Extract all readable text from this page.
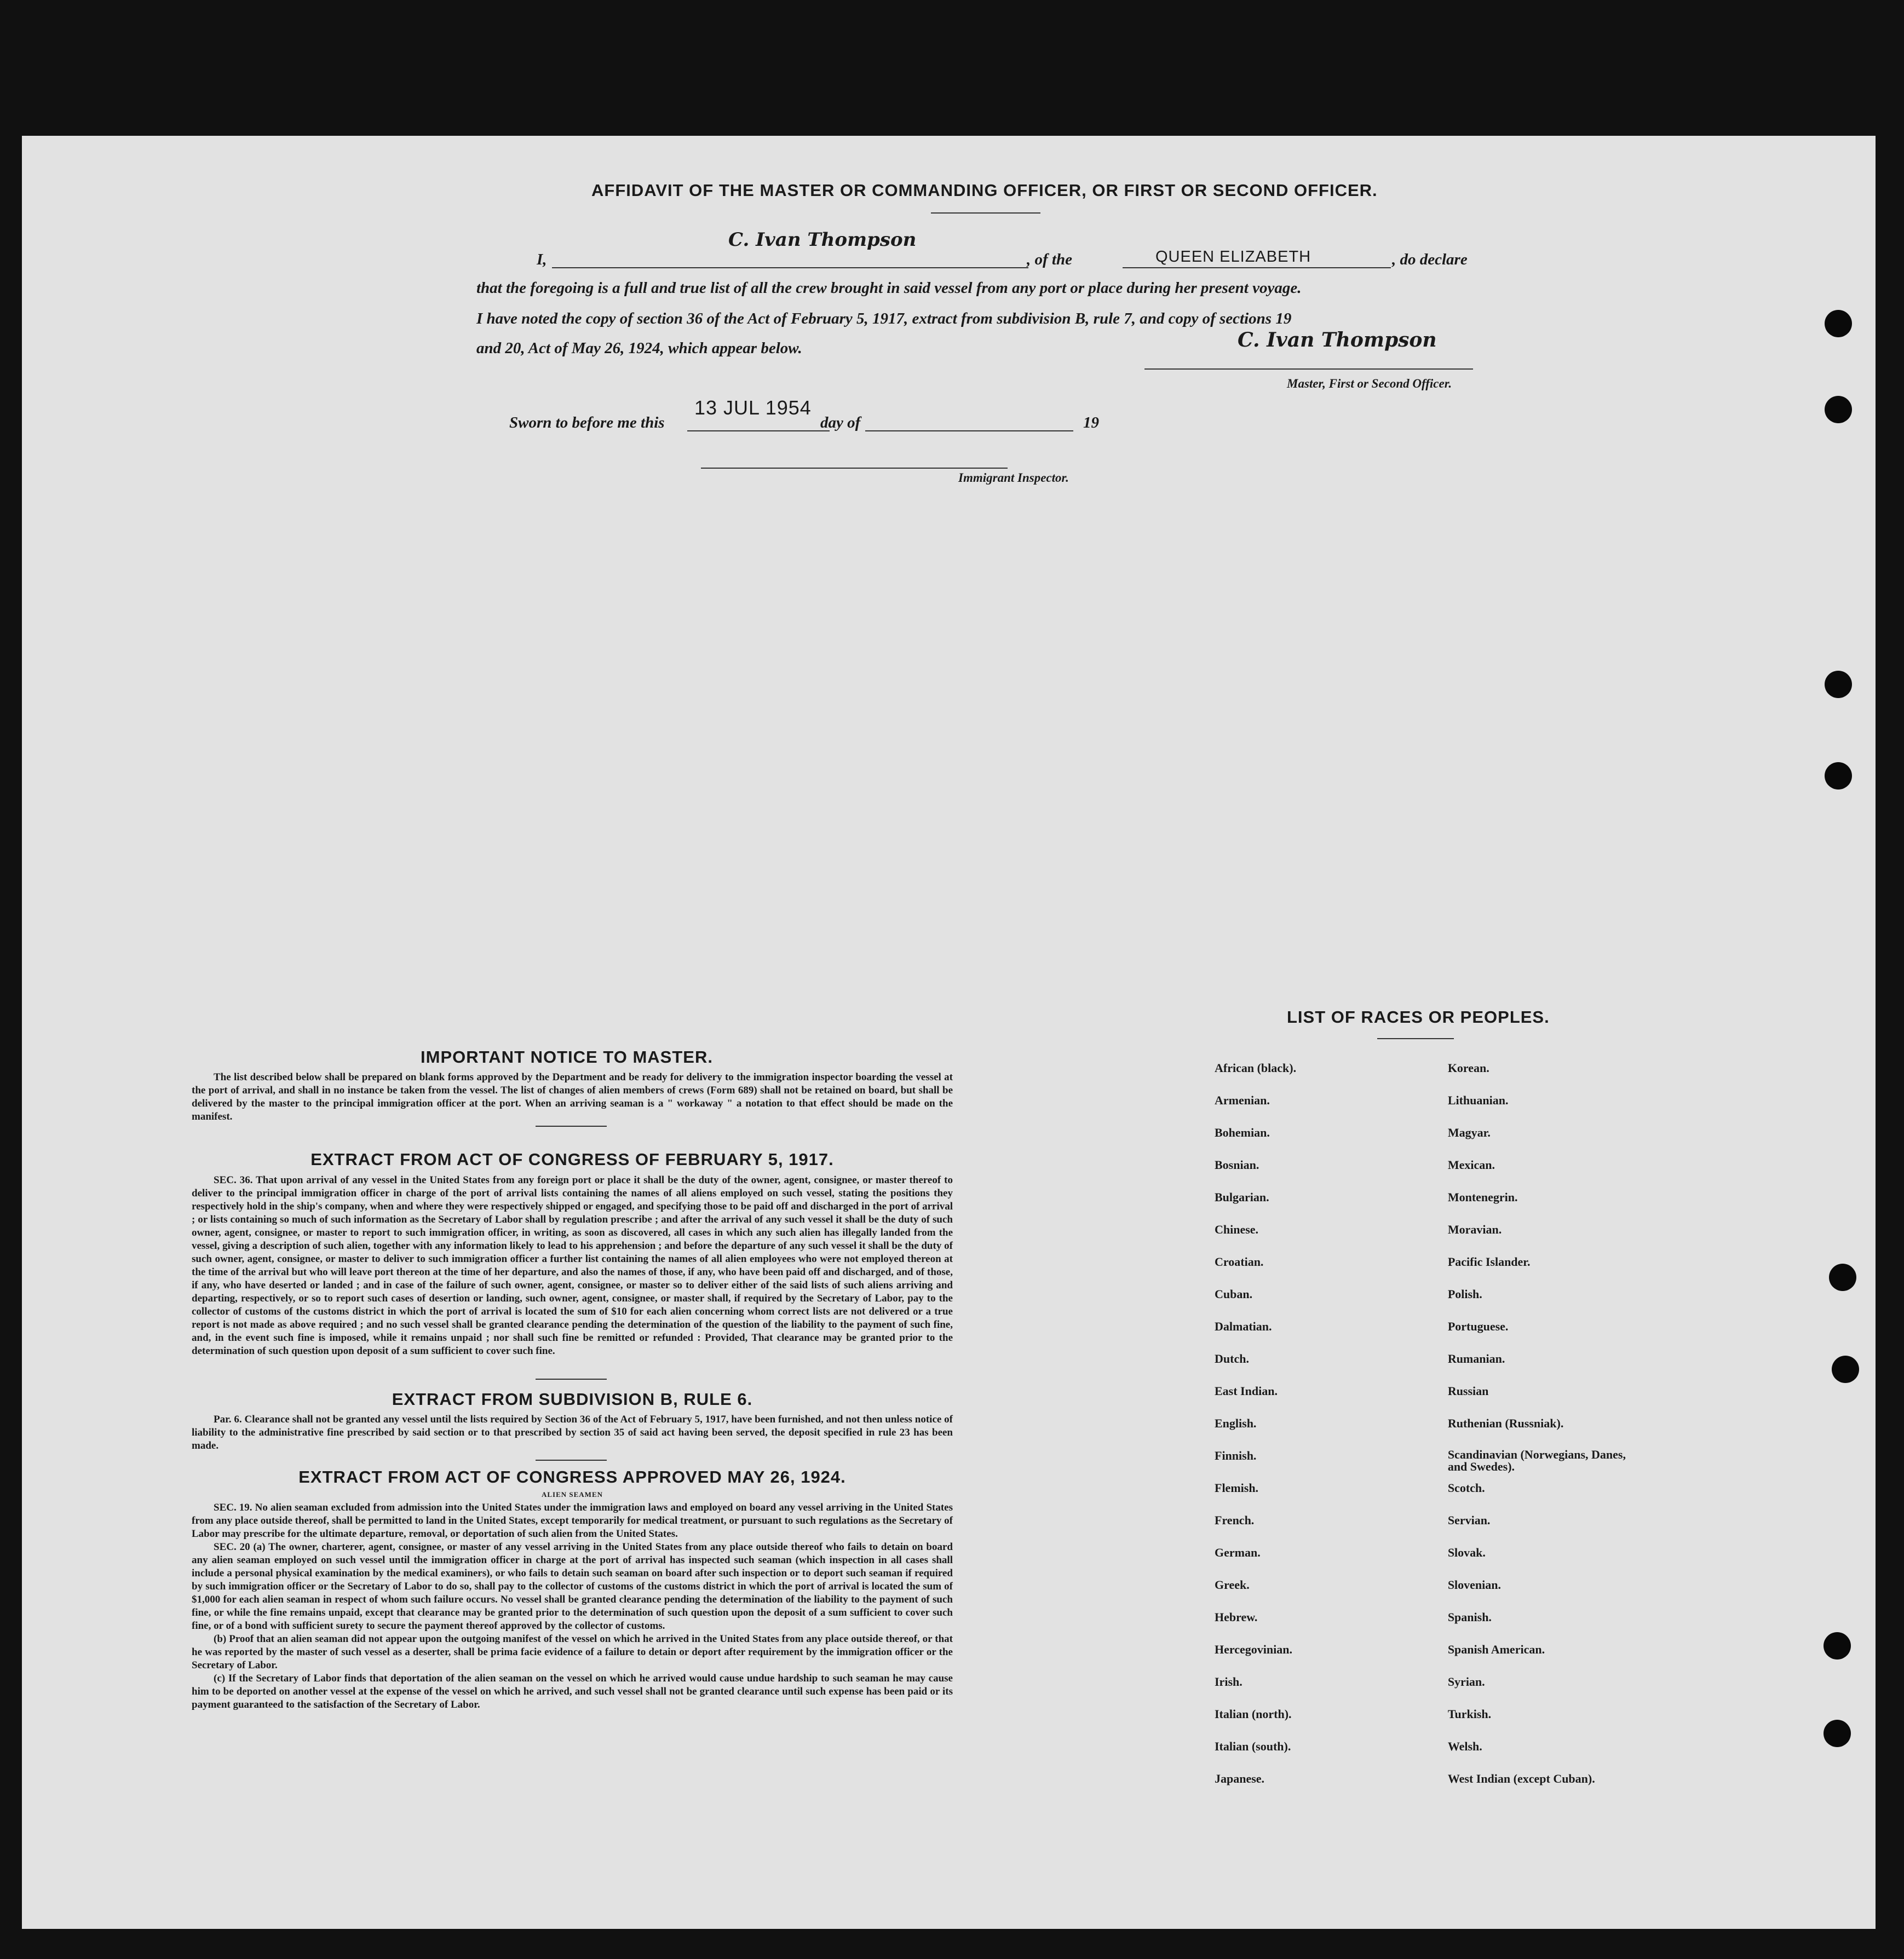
AFFIDAVIT OF THE MASTER OR COMMANDING OFFICER, OR FIRST OR SECOND OFFICER.
I,
C. Ivan Thompson
, of the	QUEEN ELIZABETH	, do declare
that the foregoing is a full and true list of all the crew brought in said vessel from any port or place during her present voyage.
I have noted the copy of section 36 of the Act of February 5, 1917, extract from subdivision B, rule 7, and copy of sections 19
and 20, Act of May 26, 1924, which appear below.	C. Ivan Thompson
Master, First or Second Officer.
Sworn to before me this
13 JUL 1954
day of	19
Immigrant Inspector.
IMPORTANT NOTICE TO MASTER.
The list described below shall be prepared on blank forms approved by the Department and be ready for delivery to the immigration inspector boarding the vessel at the port of arrival, and shall in no instance be taken from the vessel. The list of changes of alien members of crews (Form 689) shall not be retained on board, but shall be delivered by the master to the principal immigration officer at the port. When an arriving seaman is a " workaway " a notation to that effect should be made on the manifest.
EXTRACT FROM ACT OF CONGRESS OF FEBRUARY 5, 1917.
SEC. 36. That upon arrival of any vessel in the United States from any foreign port or place it shall be the duty of the owner, agent, consignee, or master thereof to deliver to the principal immigration officer in charge of the port of arrival lists containing the names of all aliens employed on such vessel, stating the positions they respectively hold in the ship's company, when and where they were respectively shipped or engaged, and specifying those to be paid off and discharged in the port of arrival ; or lists containing so much of such information as the Secretary of Labor shall by regulation prescribe ; and after the arrival of any such vessel it shall be the duty of such owner, agent, consignee, or master to report to such immigration officer, in writing, as soon as discovered, all cases in which any such alien has illegally landed from the vessel, giving a description of such alien, together with any information likely to lead to his apprehension ; and before the departure of any such vessel it shall be the duty of such owner, agent, consignee, or master to deliver to such immigration officer a further list containing the names of all alien employees who were not employed thereon at the time of the arrival but who will leave port thereon at the time of her departure, and also the names of those, if any, who have been paid off and discharged, and of those, if any, who have deserted or landed ; and in case of the failure of such owner, agent, consignee, or master so to deliver either of the said lists of such aliens arriving and departing, respectively, or so to report such cases of desertion or landing, such owner, agent, consignee, or master shall, if required by the Secretary of Labor, pay to the collector of customs of the customs district in which the port of arrival is located the sum of $10 for each alien concerning whom correct lists are not delivered or a true report is not made as above required ; and no such vessel shall be granted clearance pending the determination of the question of the liability to the payment of such fine, and, in the event such fine is imposed, while it remains unpaid ; nor shall such fine be remitted or refunded : Provided, That clearance may be granted prior to the determination of such question upon deposit of a sum sufficient to cover such fine.
EXTRACT FROM SUBDIVISION B, RULE 6.
Par. 6. Clearance shall not be granted any vessel until the lists required by Section 36 of the Act of February 5, 1917, have been furnished, and not then unless notice of liability to the administrative fine prescribed by said section or to that prescribed by section 35 of said act having been served, the deposit specified in rule 23 has been made.
EXTRACT FROM ACT OF CONGRESS APPROVED MAY 26, 1924.
ALIEN SEAMEN
SEC. 19. No alien seaman excluded from admission into the United States under the immigration laws and employed on board any vessel arriving in the United States from any place outside thereof, shall be permitted to land in the United States, except temporarily for medical treatment, or pursuant to such regulations as the Secretary of Labor may prescribe for the ultimate departure, removal, or deportation of such alien from the United States.
SEC. 20 (a) The owner, charterer, agent, consignee, or master of any vessel arriving in the United States from any place outside thereof who fails to detain on board any alien seaman employed on such vessel until the immigration officer in charge at the port of arrival has inspected such seaman (which inspection in all cases shall include a personal physical examination by the medical examiners), or who fails to detain such seaman on board after such inspection or to deport such seaman if required by such immigration officer or the Secretary of Labor to do so, shall pay to the collector of customs of the customs district in which the port of arrival is located the sum of $1,000 for each alien seaman in respect of whom such failure occurs. No vessel shall be granted clearance pending the determination of the liability to the payment of such fine, or while the fine remains unpaid, except that clearance may be granted prior to the determination of such question upon the deposit of a sum sufficient to cover such fine, or of a bond with sufficient surety to secure the payment thereof approved by the collector of customs.
(b) Proof that an alien seaman did not appear upon the outgoing manifest of the vessel on which he arrived in the United States from any place outside thereof, or that he was reported by the master of such vessel as a deserter, shall be prima facie evidence of a failure to detain or deport after requirement by the immigration officer or the Secretary of Labor.
(c) If the Secretary of Labor finds that deportation of the alien seaman on the vessel on which he arrived would cause undue hardship to such seaman he may cause him to be deported on another vessel at the expense of the vessel on which he arrived, and such vessel shall not be granted clearance until such expense has been paid or its payment guaranteed to the satisfaction of the Secretary of Labor.
LIST OF RACES OR PEOPLES.
African (black).	Korean.
Armenian.	Lithuanian.
Bohemian.	Magyar.
Bosnian.	Mexican.
Bulgarian.	Montenegrin.
Chinese.	Moravian.
Croatian.	Pacific Islander.
Cuban.	Polish.
Dalmatian.	Portuguese.
Dutch.	Rumanian.
East Indian.	Russian
English.	Ruthenian (Russniak).
Finnish.	Scandinavian (Norwegians, Danes, and Swedes).
Flemish.	Scotch.
French.	Servian.
German.	Slovak.
Greek.	Slovenian.
Hebrew.	Spanish.
Hercegovinian.	Spanish American.
Irish.	Syrian.
Italian (north).	Turkish.
Italian (south).	Welsh.
Japanese.	West Indian (except Cuban).
